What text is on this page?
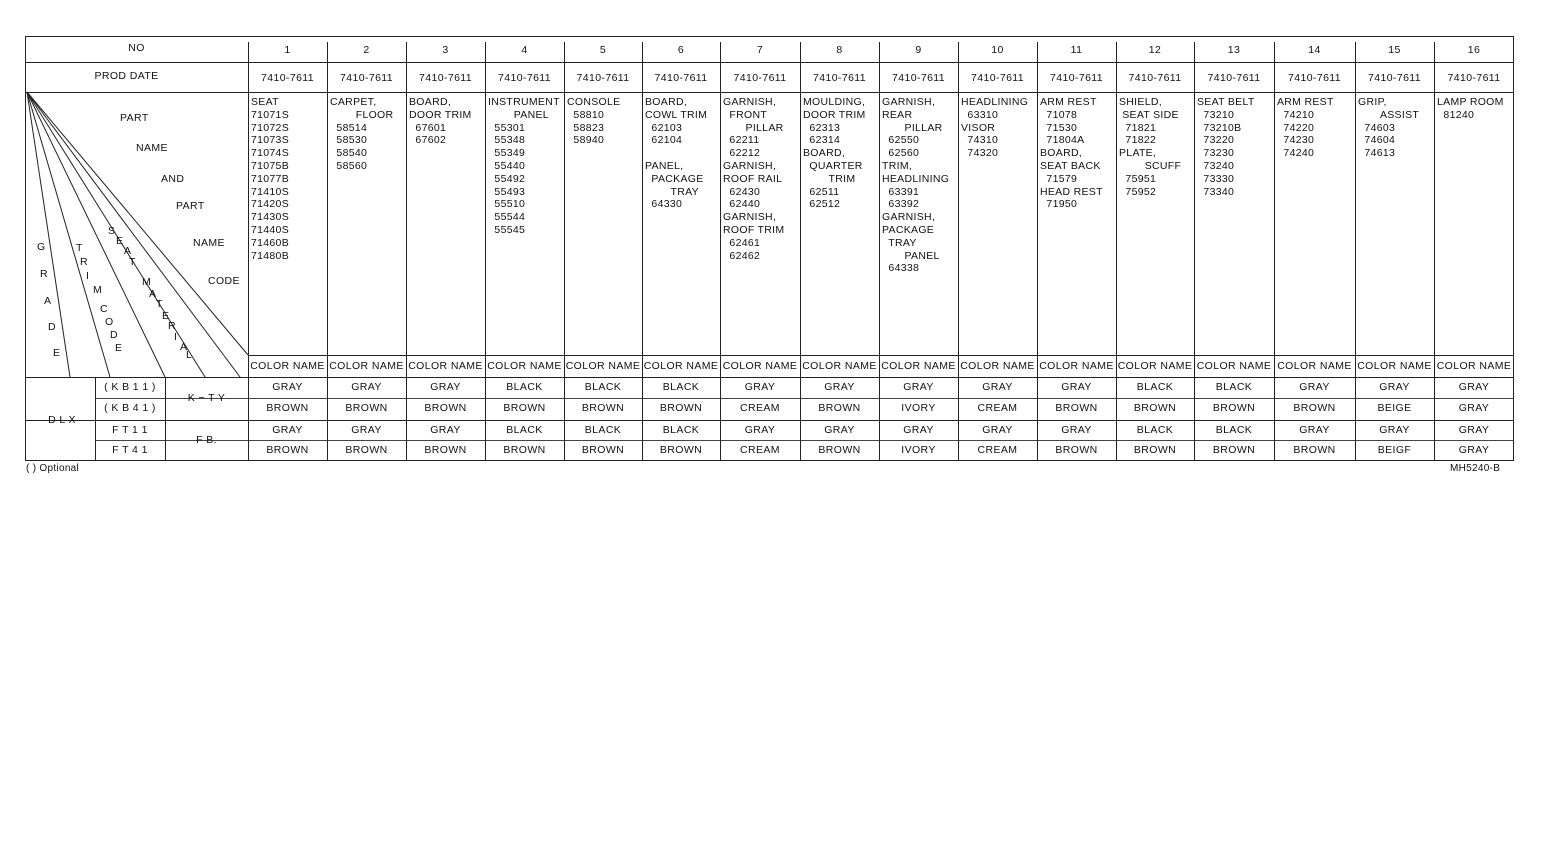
NO
PROD DATE
1
7410-7611
SEAT
71071S
71072S
71073S
71074S
71075B
71077B
71410S
71420S
71430S
71440S
71460B
71480B
COLOR NAME
GRAY
BROWN
GRAY
BROWN
2
7410-7611
CARPET,
FLOOR
58514
58530
58540
58560
COLOR NAME
GRAY
BROWN
GRAY
BROWN
3
7410-7611
BOARD,
DOOR TRIM
67601
67602
COLOR NAME
GRAY
BROWN
GRAY
BROWN
4
7410-7611
INSTRUMENT
PANEL
55301
55348
55349
55440
55492
55493
55510
55544
55545
COLOR NAME
BLACK
BROWN
BLACK
BROWN
5
7410-7611
CONSOLE
58810
58823
58940
COLOR NAME
BLACK
BROWN
BLACK
BROWN
6
7410-7611
BOARD,
COWL TRIM
62103
62104

PANEL,
PACKAGE
TRAY
64330
COLOR NAME
BLACK
BROWN
BLACK
BROWN
7
7410-7611
GARNISH,
FRONT
PILLAR
62211
62212
GARNISH,
ROOF RAIL
62430
62440
GARNISH,
ROOF TRIM
62461
62462
COLOR NAME
GRAY
CREAM
GRAY
CREAM
8
7410-7611
MOULDING,
DOOR TRIM
62313
62314
BOARD,
QUARTER
TRIM
62511
62512
COLOR NAME
GRAY
BROWN
GRAY
BROWN
9
7410-7611
GARNISH,
REAR
PILLAR
62550
62560
TRIM,
HEADLINING
63391
63392
GARNISH,
PACKAGE
TRAY
PANEL
64338
COLOR NAME
GRAY
IVORY
GRAY
IVORY
10
7410-7611
HEADLINING
63310
VISOR
74310
74320
COLOR NAME
GRAY
CREAM
GRAY
CREAM
11
7410-7611
ARM REST
71078
71530
71804A
BOARD,
SEAT BACK
71579
HEAD REST
71950
COLOR NAME
GRAY
BROWN
GRAY
BROWN
12
7410-7611
SHIELD,
SEAT SIDE
71821
71822
PLATE,
SCUFF
75951
75952
COLOR NAME
BLACK
BROWN
BLACK
BROWN
13
7410-7611
SEAT BELT
73210
73210B
73220
73230
73240
73330
73340
COLOR NAME
BLACK
BROWN
BLACK
BROWN
14
7410-7611
ARM REST
74210
74220
74230
74240
COLOR NAME
GRAY
BROWN
GRAY
BROWN
15
7410-7611
GRIP,
ASSIST
74603
74604
74613
COLOR NAME
GRAY
BEIGE
GRAY
BEIGF
16
7410-7611
LAMP ROOM
81240
COLOR NAME
GRAY
GRAY
GRAY
GRAY
PART
NAME
AND
PART
NAME
CODE
G
R
A
D
E
T
R
I
M
C
O
D
E
S
E
A
T
M
A
T
E
R
I
A
L
D L X
( K B 1 1 )
K − T Y
( K B 4 1 )
F T 1 1
F B.
F T 4 1
( ) Optional	MH5240-B
